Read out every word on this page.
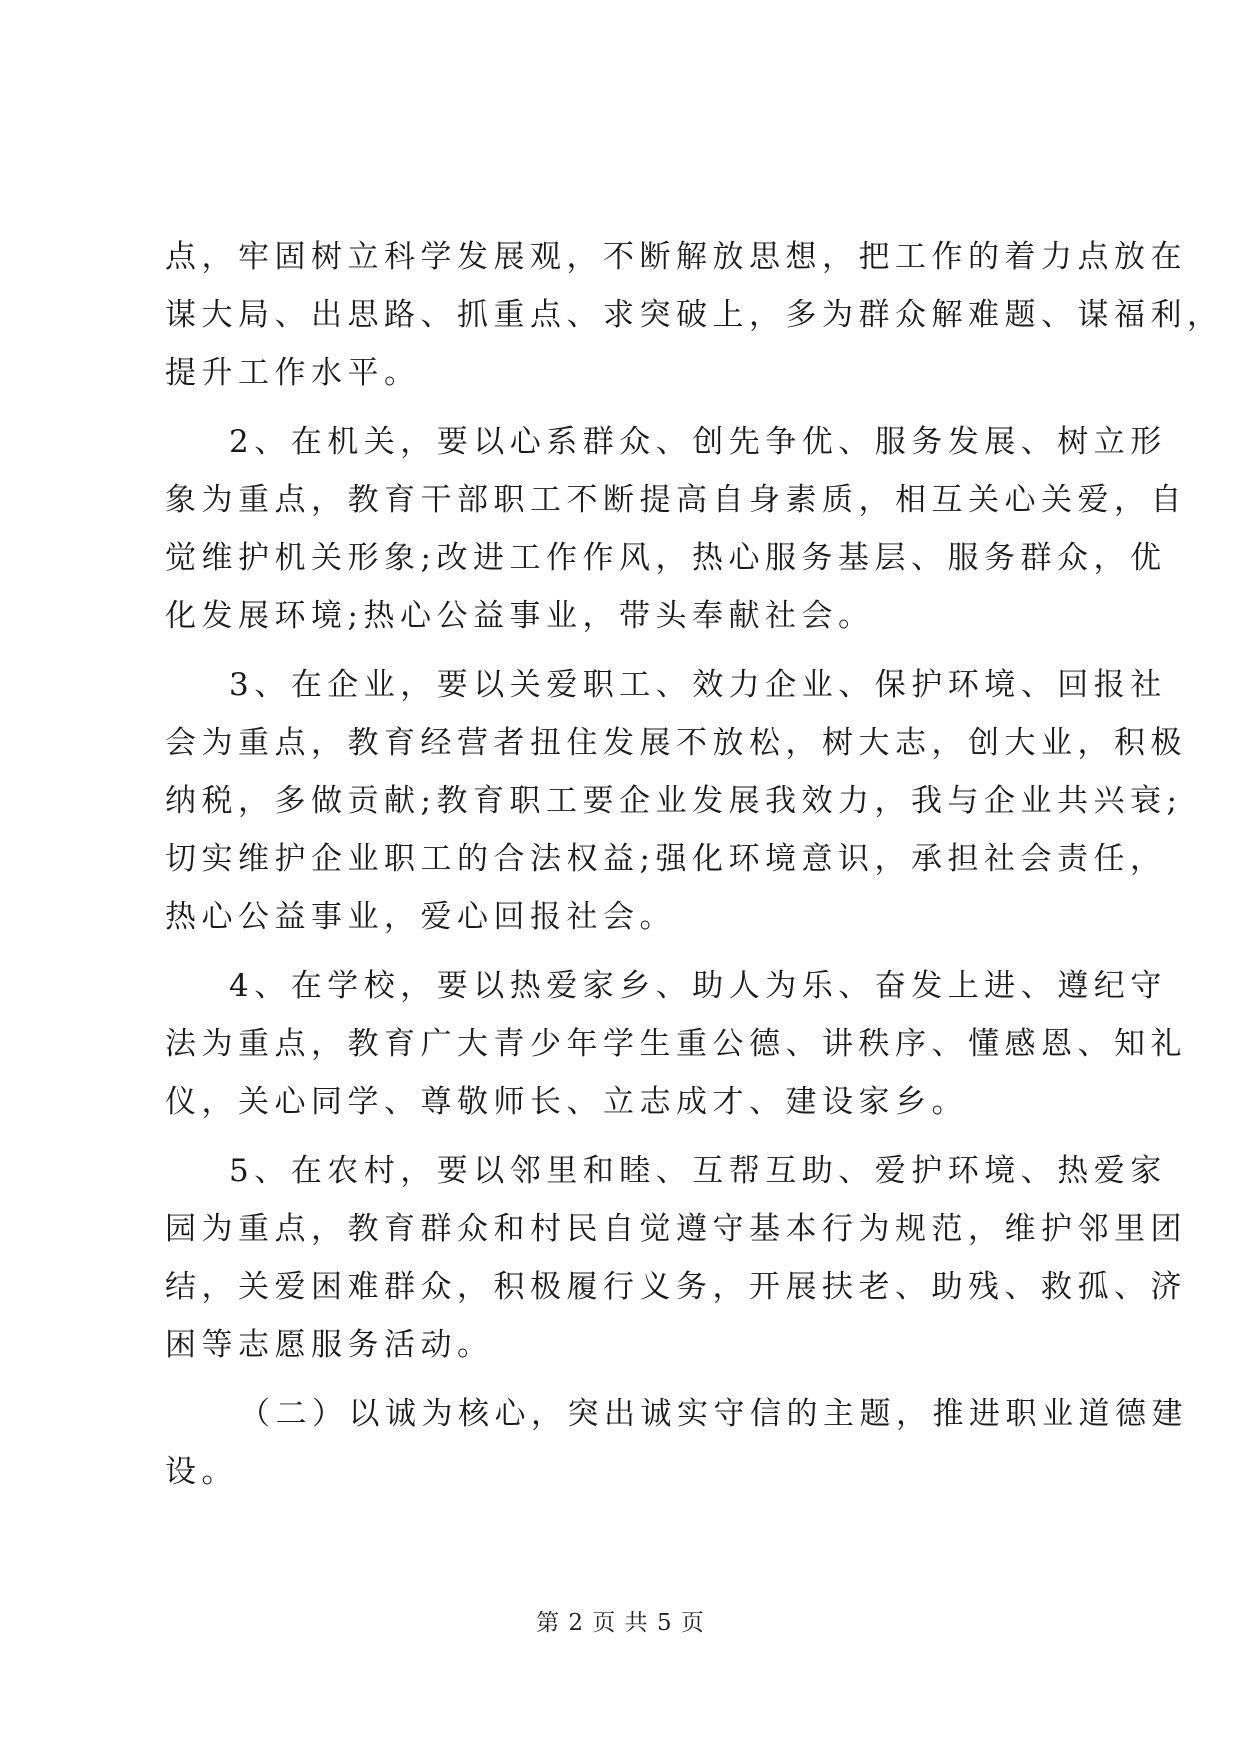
点，牢固树立科学发展观，不断解放思想，把工作的着力点放在
谋大局、出思路、抓重点、求突破上，多为群众解难题、谋福利，
提升工作水平。
2、在机关，要以心系群众、创先争优、服务发展、树立形
象为重点，教育干部职工不断提高自身素质，相互关心关爱，自
觉维护机关形象;改进工作作风，热心服务基层、服务群众，优
化发展环境;热心公益事业，带头奉献社会。
3、在企业，要以关爱职工、效力企业、保护环境、回报社
会为重点，教育经营者扭住发展不放松，树大志，创大业，积极
纳税，多做贡献;教育职工要企业发展我效力，我与企业共兴衰;
切实维护企业职工的合法权益;强化环境意识，承担社会责任，
热心公益事业，爱心回报社会。
4、在学校，要以热爱家乡、助人为乐、奋发上进、遵纪守
法为重点，教育广大青少年学生重公德、讲秩序、懂感恩、知礼
仪，关心同学、尊敬师长、立志成才、建设家乡。
5、在农村，要以邻里和睦、互帮互助、爱护环境、热爱家
园为重点，教育群众和村民自觉遵守基本行为规范，维护邻里团
结，关爱困难群众，积极履行义务，开展扶老、助残、救孤、济
困等志愿服务活动。
（二）以诚为核心，突出诚实守信的主题，推进职业道德建
设。
第 2 页 共 5 页
